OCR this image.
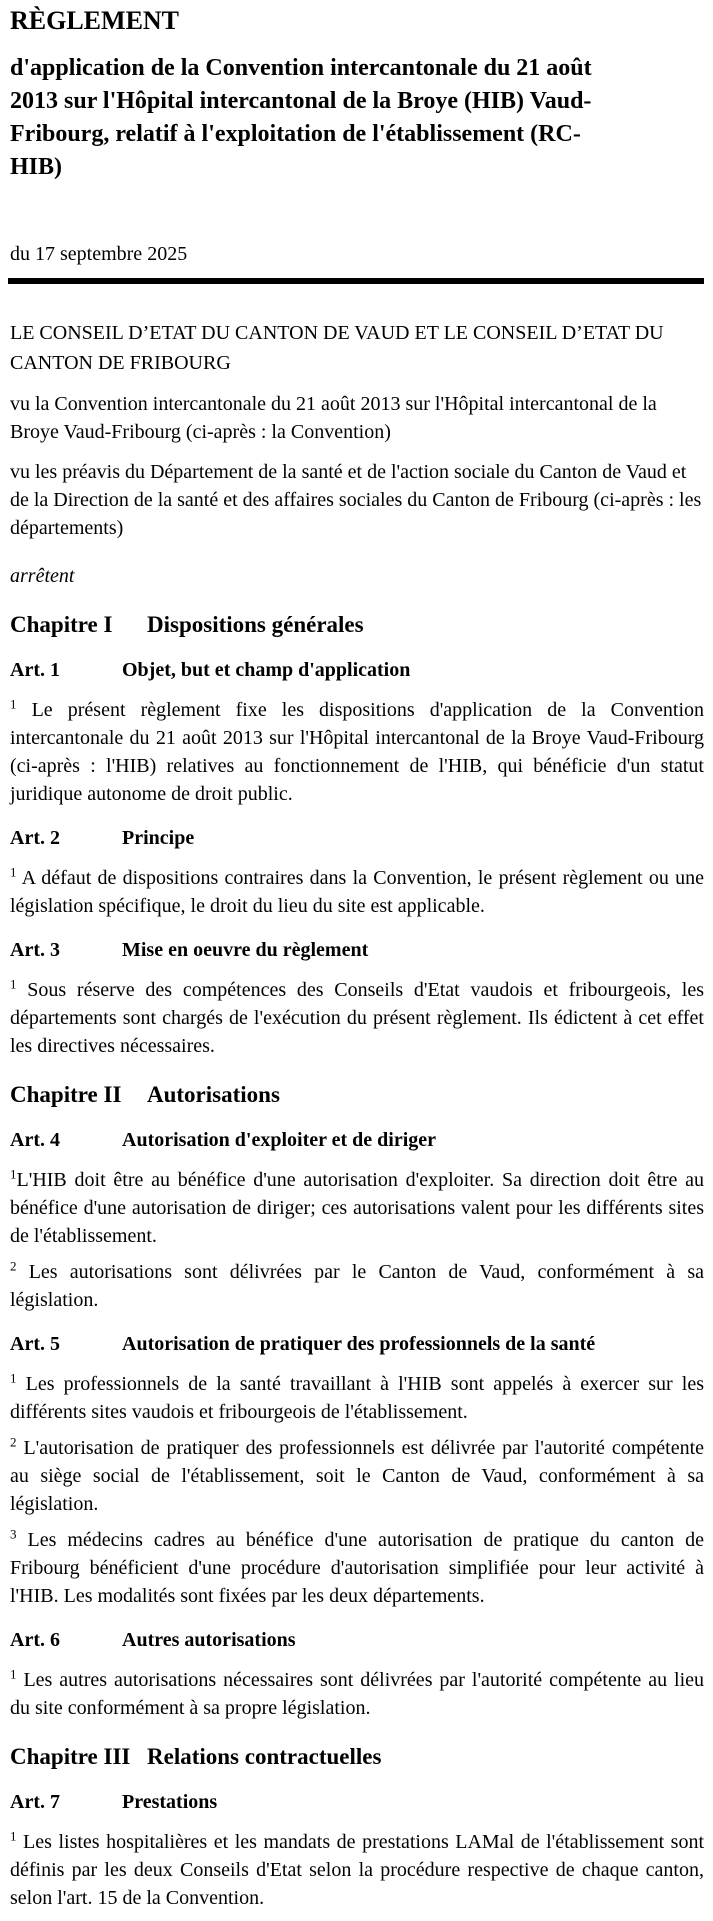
RÈGLEMENT

d'application de la Convention intercantonale du 21 août 2013 sur l'Hôpital intercantonal de la Broye (HIB) Vaud-Fribourg, relatif à l'exploitation de l'établissement (RC-HIB)

du 17 septembre 2025

LE CONSEIL D’ETAT DU CANTON DE VAUD ET LE CONSEIL D’ETAT DU CANTON DE FRIBOURG

vu la Convention intercantonale du 21 août 2013 sur l'Hôpital intercantonal de la Broye Vaud-Fribourg (ci-après : la Convention)

vu les préavis du Département de la santé et de l'action sociale du Canton de Vaud et de la Direction de la santé et des affaires sociales du Canton de Fribourg (ci-après : les départements)

arrêtent

Chapitre I	Dispositions générales
Art. 1	Objet, but et champ d'application

$^1$ Le présent règlement fixe les dispositions d'application de la Convention intercantonale du 21 août 2013 sur l'Hôpital intercantonal de la Broye Vaud-Fribourg (ci-après : l'HIB) relatives au fonctionnement de l'HIB, qui bénéficie d'un statut juridique autonome de droit public.

Art. 2	Principe

$^1$ A défaut de dispositions contraires dans la Convention, le présent règlement ou une législation spécifique, le droit du lieu du site est applicable.

Art. 3	Mise en oeuvre du règlement

$^1$ Sous réserve des compétences des Conseils d'Etat vaudois et fribourgeois, les départements sont chargés de l'exécution du présent règlement. Ils édictent à cet effet les directives nécessaires.

Chapitre II	Autorisations
Art. 4	Autorisation d'exploiter et de diriger

$^1$L'HIB doit être au bénéfice d'une autorisation d'exploiter. Sa direction doit être au bénéfice d'une autorisation de diriger; ces autorisations valent pour les différents sites de l'établissement.

$^2$ Les autorisations sont délivrées par le Canton de Vaud, conformément à sa législation.

Art. 5	Autorisation de pratiquer des professionnels de la santé

$^1$ Les professionnels de la santé travaillant à l'HIB sont appelés à exercer sur les différents sites vaudois et fribourgeois de l'établissement.

$^2$ L'autorisation de pratiquer des professionnels est délivrée par l'autorité compétente au siège social de l'établissement, soit le Canton de Vaud, conformément à sa législation.

$^3$ Les médecins cadres au bénéfice d'une autorisation de pratique du canton de Fribourg bénéficient d'une procédure d'autorisation simplifiée pour leur activité à l'HIB. Les modalités sont fixées par les deux départements.

Art. 6	Autres autorisations

$^1$ Les autres autorisations nécessaires sont délivrées par l'autorité compétente au lieu du site conformément à sa propre législation.

Chapitre III Relations contractuelles
Art. 7	Prestations

$^1$ Les listes hospitalières et les mandats de prestations LAMal de l'établissement sont définis par les deux Conseils d'Etat selon la procédure respective de chaque canton, selon l'art. 15 de la Convention.
